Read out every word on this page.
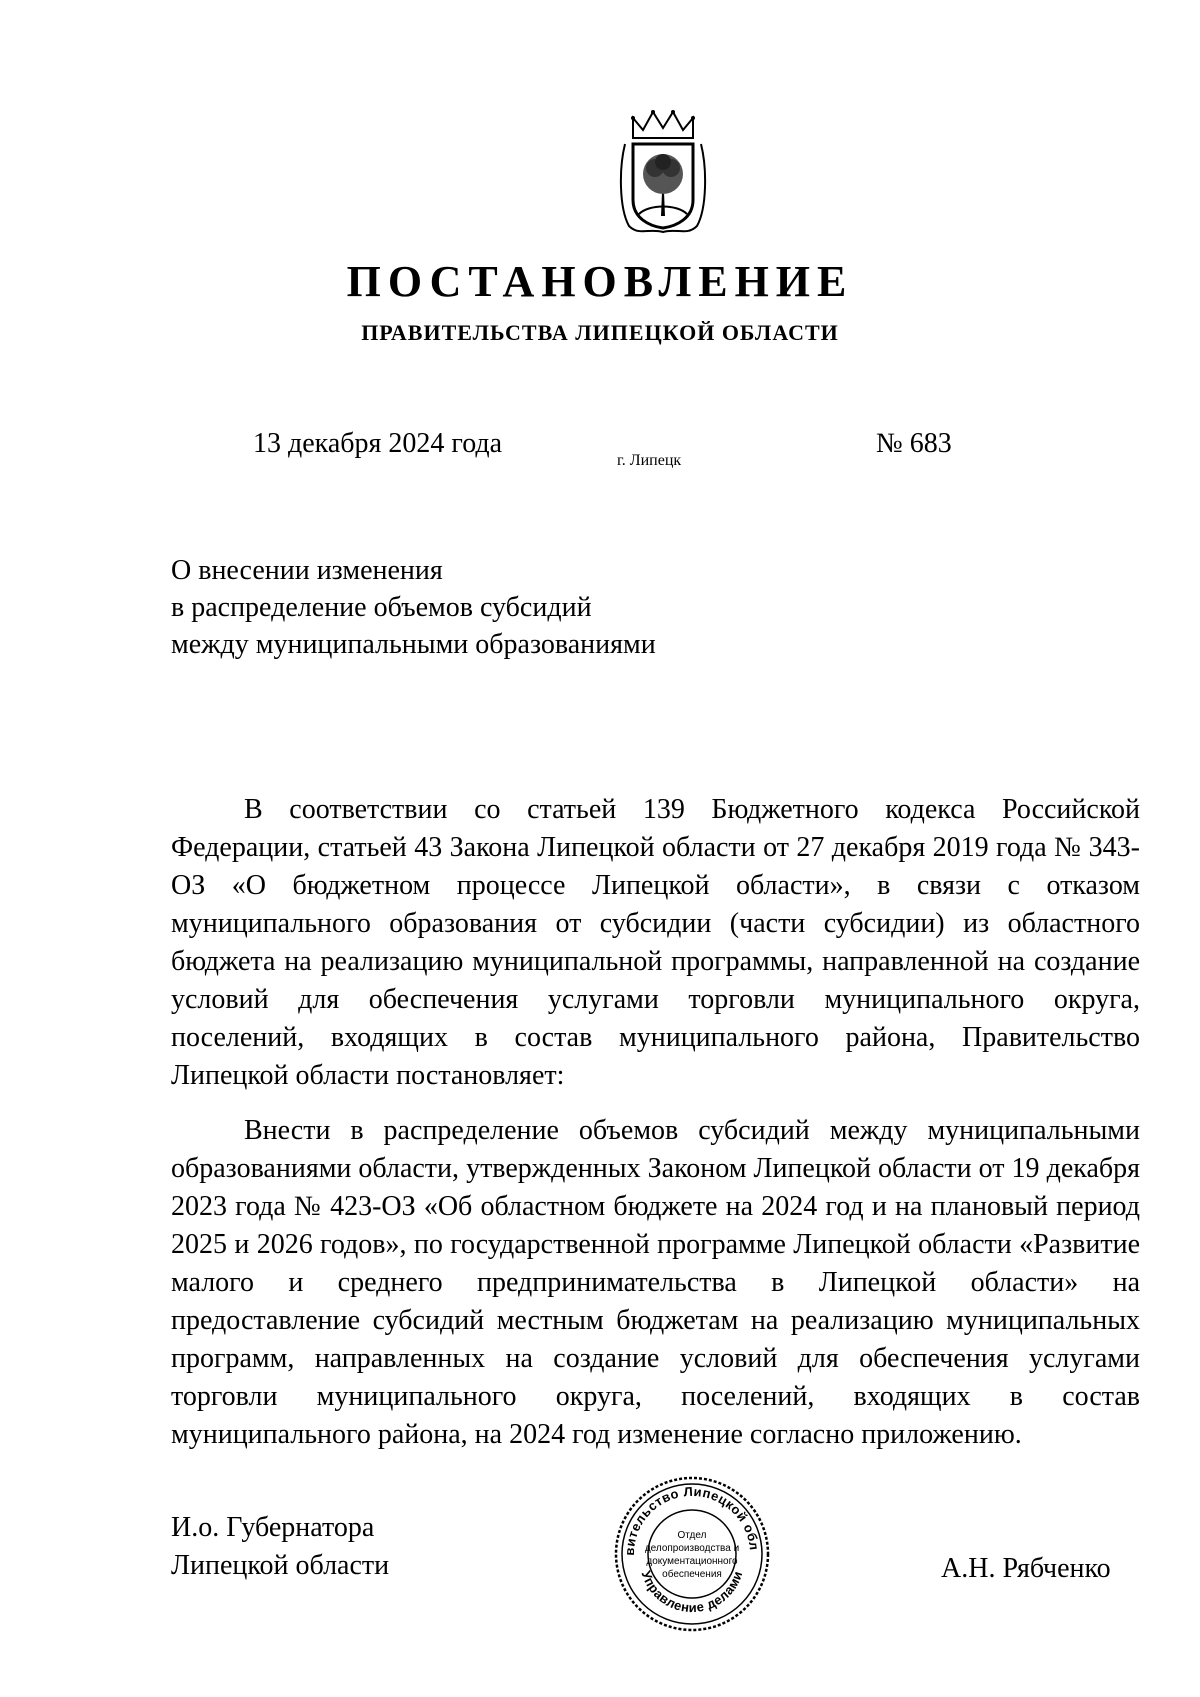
ПОСТАНОВЛЕНИЕ
ПРАВИТЕЛЬСТВА ЛИПЕЦКОЙ ОБЛАСТИ
13 декабря 2024 года
г. Липецк
№ 683
О внесении изменения
в распределение объемов субсидий
между муниципальными образованиями

В соответствии со статьей 139 Бюджетного кодекса Российской Федерации, статьей 43 Закона Липецкой области от 27 декабря 2019 года № 343-ОЗ «О бюджетном процессе Липецкой области», в связи с отказом муниципального образования от субсидии (части субсидии) из областного бюджета на реализацию муниципальной программы, направленной на создание условий для обеспечения услугами торговли муниципального округа, поселений, входящих в состав муниципального района, Правительство Липецкой области постановляет:

Внести в распределение объемов субсидий между муниципальными образованиями области, утвержденных Законом Липецкой области от 19 декабря 2023 года № 423-ОЗ «Об областном бюджете на 2024 год и на плановый период 2025 и 2026 годов», по государственной программе Липецкой области «Развитие малого и среднего предпринимательства в Липецкой области» на предоставление субсидий местным бюджетам на реализацию муниципальных программ, направленных на создание условий для обеспечения услугами торговли муниципального округа, поселений, входящих в состав муниципального района, на 2024 год изменение согласно приложению.

И.о. Губернатора
Липецкой области	А.Н. Рябченко
вительство Липецкой обл
Управление делами
Отдел
делопроизводства и
документационного
обеспечения
